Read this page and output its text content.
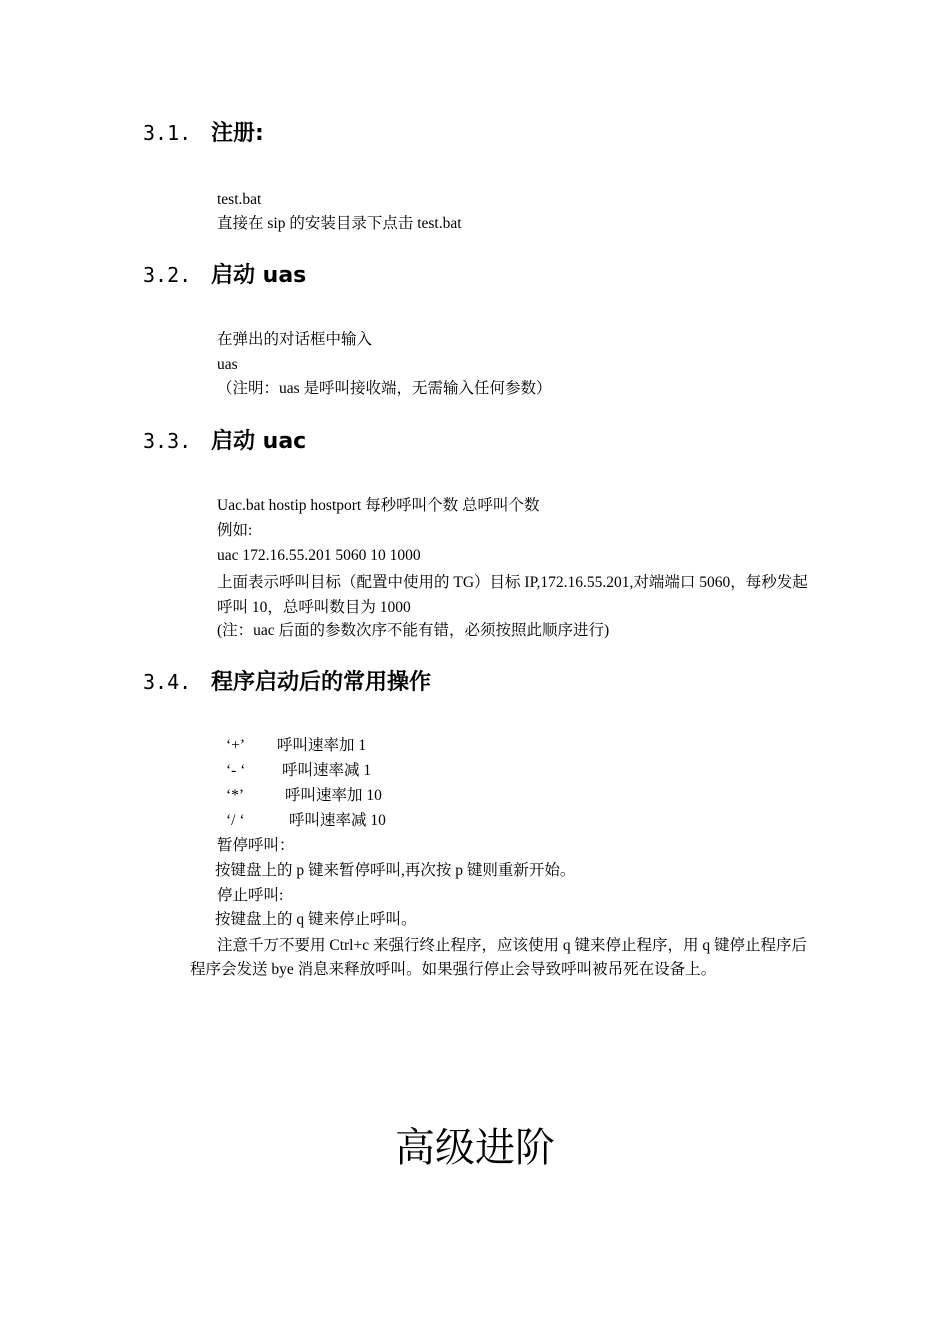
3.1. 注册:
test.bat
直接在 sip 的安装目录下点击 test.bat
3.2. 启动 uas
在弹出的对话框中输入
uas
（注明：uas 是呼叫接收端，无需输入任何参数）
3.3. 启动 uac
Uac.bat hostip hostport 每秒呼叫个数 总呼叫个数
例如:
uac 172.16.55.201 5060 10 1000
上面表示呼叫目标（配置中使用的 TG）目标 IP,172.16.55.201,对端端口 5060，每秒发起呼叫 10，总呼叫数目为 1000
(注：uac 后面的参数次序不能有错，必须按照此顺序进行)
3.4. 程序启动后的常用操作
‘+’ 呼叫速率加 1
‘- ‘ 呼叫速率减 1
‘*’	呼叫速率加 10
‘/ ‘	呼叫速率减 10
暂停呼叫：
按键盘上的 p 键来暂停呼叫,再次按 p 键则重新开始。
停止呼叫:
按键盘上的 q 键来停止呼叫。
注意千万不要用 Ctrl+c 来强行终止程序，应该使用 q 键来停止程序，用 q 键停止程序后程序会发送 bye 消息来释放呼叫。如果强行停止会导致呼叫被吊死在设备上。
高级进阶
